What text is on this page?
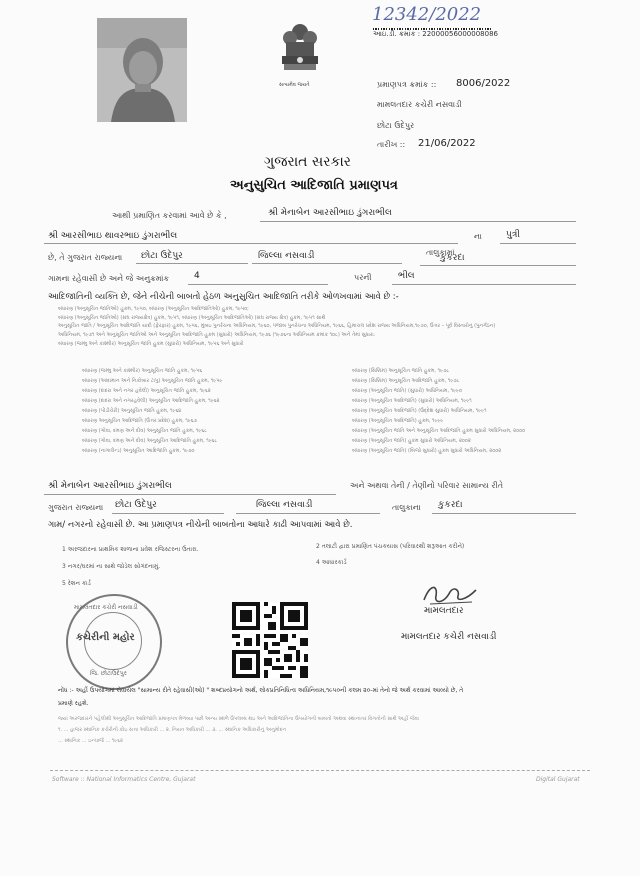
સત્યમેવ જયતે
12342/2022
આઇ.ડી. ક્રમાંક : 22000056000008086
પ્રમાણપત્ર ક્રમાંક :: 8006/2022
મામલતદાર કચેરી નસવાડી
છોટા ઉદેપુર
તારીખ :: 21/06/2022
ગુજરાત સરકાર
અનુસુચિત આદિજાતિ પ્રમાણપત્ર
આથી પ્રમાણિત કરવામાં આવે છે કે ,	શ્રી મેનાબેન આરસીભાઇ ડુંગરાભીલ
શ્રી આરસીભાઇ થાવરભાઇ ડુંગરાભીલ	ના	પુત્રી
છે, તે ગુજરાત રાજ્યના છોટા ઉદેપુર	જિલ્લા નસવાડી	તાલુકામાં
કુકરદા
ગામના રહેવાસી છે અને જે અનુક્રમાંક	4	પરની	ભીલ
આદિજાતિની વ્યક્તિ છે, જેને નીચેની બાબતો હેઠળ અનુસુચિત આદિજાતિ તરીકે ઓળખવામાં આવે છે :-
બંધારણ (અનુસૂચિત જાતિઓ) હુકમ, ૧૯૫૦, બંધારણ (અનુસૂચિત આદિજાતિઓ) હુકમ, ૧૯૫૦;
બંધારણ (અનુસૂચિત જાતિઓ) (સંઘ રાજ્યક્ષેત્ર) હુકમ, ૧૯૫૧, બંધારણ (અનુસૂચિત આદિજાતિઓ) (સંઘ રાજ્ય ક્ષેત્ર) હુકમ, ૧૯૫૧ સાથે
અનુસૂચિત જાતિ / અનુસૂચિત આદિજાતિ યાદી (ફેરફાર) હુકમ, ૧૯૫૬, મુંબઇ પુનર્રચના અધિનિયમ, ૧૯૬૦, પંજાબ પુનર્રચના અધિનિયમ, ૧૯૬૬, હિમાચલ પ્રદેશ રાજ્ય અધિનિયમ,૧૯૭૦, ઉત્તર – પૂર્વ વિસ્તારોનું (પુનર્ગઠન)
અધિનિયમ, ૧૯૭૧ અને અનુસૂચિત જાતિઓ અને અનુસૂચિત આદિજાતિ હુકમ (સુધારો) અધિનિયમ, ૧૯૭૬ (૧૯૭૬ના અધિનિયમ ક્રમાંક ૧૦૮) અને તેમાં સુધારા.
બંધારણ (જમ્મુ અને કાશ્મીર) અનુસૂચિત જાતિ હુકમ (સુધારો) અધિનિયમ, ૧૯૫૬ અને સુધારો
બંધારણ (જમ્મુ અને કાશ્મીર) અનુસૂચિત જાતિ હુકમ, ૧૯૫૬
બંધારણ (આંદામાન અને નિકોબાર ટાપુ) અનુસૂચિત જાતિ હુકમ, ૧૯૫૯
બંધારણ (દાદરા અને નગર હવેલી) અનુસૂચિત જાતિ હુકમ, ૧૯૬૨
બંધારણ (દાદરા અને નગરહવેલી) અનુસૂચિત આદિજાતિ હુકમ, ૧૯૬૨
બંધારણ (પોંડીચેરી) અનુસૂચિત જાતિ હુકમ, ૧૯૬૪
બંધારણ અનુસૂચિત આદિજાતિ (ઉત્તર પ્રદેશ) હુકમ, ૧૯૬૭
બંધારણ (ગોવા, દમણ અને દીવ) અનુસૂચિત જાતિ હુકમ, ૧૯૬૮
બંધારણ (ગોવા, દમણ અને દીવ) અનુસૂચિત આદિજાતિ હુકમ, ૧૯૬૮
બંધારણ (નાગાલેન્ડ) અનુસૂચિત આદિજાતિ હુકમ, ૧૯૭૦
બંધારણ (સિક્કિમ) અનુસૂચિત જાતિ હુકમ, ૧૯૭૮
બંધારણ (સિક્કિમ) અનુસૂચિત આદિજાતિ હુકમ, ૧૯૭૮
બંધારણ (અનુસૂચિત જાતિ) (સુધારો) અધિનિયમ, ૧૯૯૦
બંધારણ (અનુસૂચિત આદિજાતિ) (સુધારો) અધિનિયમ, ૧૯૯૧
બંધારણ (અનુસૂચિત આદિજાતિ) (ઉદ્દેશ સુધારો) અધિનિયમ, ૧૯૯૧
બંધારણ (અનુસૂચિત આદિજાતિ) હુકમ, ૧૯૯૯
બંધારણ (અનુસૂચિત જાતિ અને અનુસૂચિત આદિજાતિ હુકમ સુધારો અધિનિયમ, ૨૦૦૦
બંધારણ (અનુસૂચિત જાતિ) હુકમ સુધારો અધિનિયમ, ૨૦૦૨
બંધારણ (અનુસૂચિત જાતિ) (બિજો સુધારો) હુકમ સુધારો અધિનિયમ, ૨૦૦૨
શ્રી મેનાબેન આરસીભાઇ ડુંગરાભીલ	અને અથવા તેની / તેણીનો પરિવાર સામાન્ય રીતે
ગુજરાત રાજ્યના છોટા ઉદેપુર	જિલ્લા નસવાડી	તાલુકાના કુકરદા
ગામ/ નગરનો રહેવાસી છે. આ પ્રમાણપત્ર નીચેની બાબતોના આધારે કાઢી આપવામાં આવે છે.
1 અરજદારના પ્રાથમિક શાળાના પ્રવેશ રજિસ્ટરના ઉતારા.	2 તલાટી દ્વારા પ્રમાણિત પંચકયાસ (પરિવારથી શરૂઆત કરીને)
3 નગર/ઘરમાં ના સાથે જોડેલ સોગંદનામું.
4 આધારકાર્ડ
5 રેશન કાર્ડ
મામલતદાર કચેરી નસવાડી
કચેરીની મહોર
જિ. છોટાઉદેપુર
મામલતદાર
મામલતદાર કચેરી નસવાડી
નોંધ :- અહીં ઉપયોગમાં લેવાયેલ "સામાન્ય રીતે રહેવાસી(ઓ) " શબ્દપ્રયોગનો અર્થ, લોકપ્રતિનિધિત્વ અધિનિયમ,૧૯૫૦ની કલમ ૨૦-માં તેનો જે અર્થ કરવામાં આવ્યો છે, તે
પ્રમાણે રહશે.
જ્યાં અરજદારને પહેલીથી અનુસૂચિત આદિજાતિ પ્રમાણપત્ર મેળવ્યા પછી અન્ય સ્થળે ઉપલબ્ધ થઇ અને આદિજાતિના ઉપયોગની બાબતો અથવા સ્થાનાંતર વિગતોની સાથે અહીં જેવા
૧. ... હાજર સ્થાનિક કચેરીની કોઇ સત્તા અધિકારી ... ૨. નિયત અધિકારી ... ૩. ... સ્થાનિક અધિકારીનું અનુમોદન
... સ્થાનિક ... ઇન્ચાર્જ ... ૧૯૬૨
Software :: National Informatics Centre, Gujarat	Digital Gujarat
